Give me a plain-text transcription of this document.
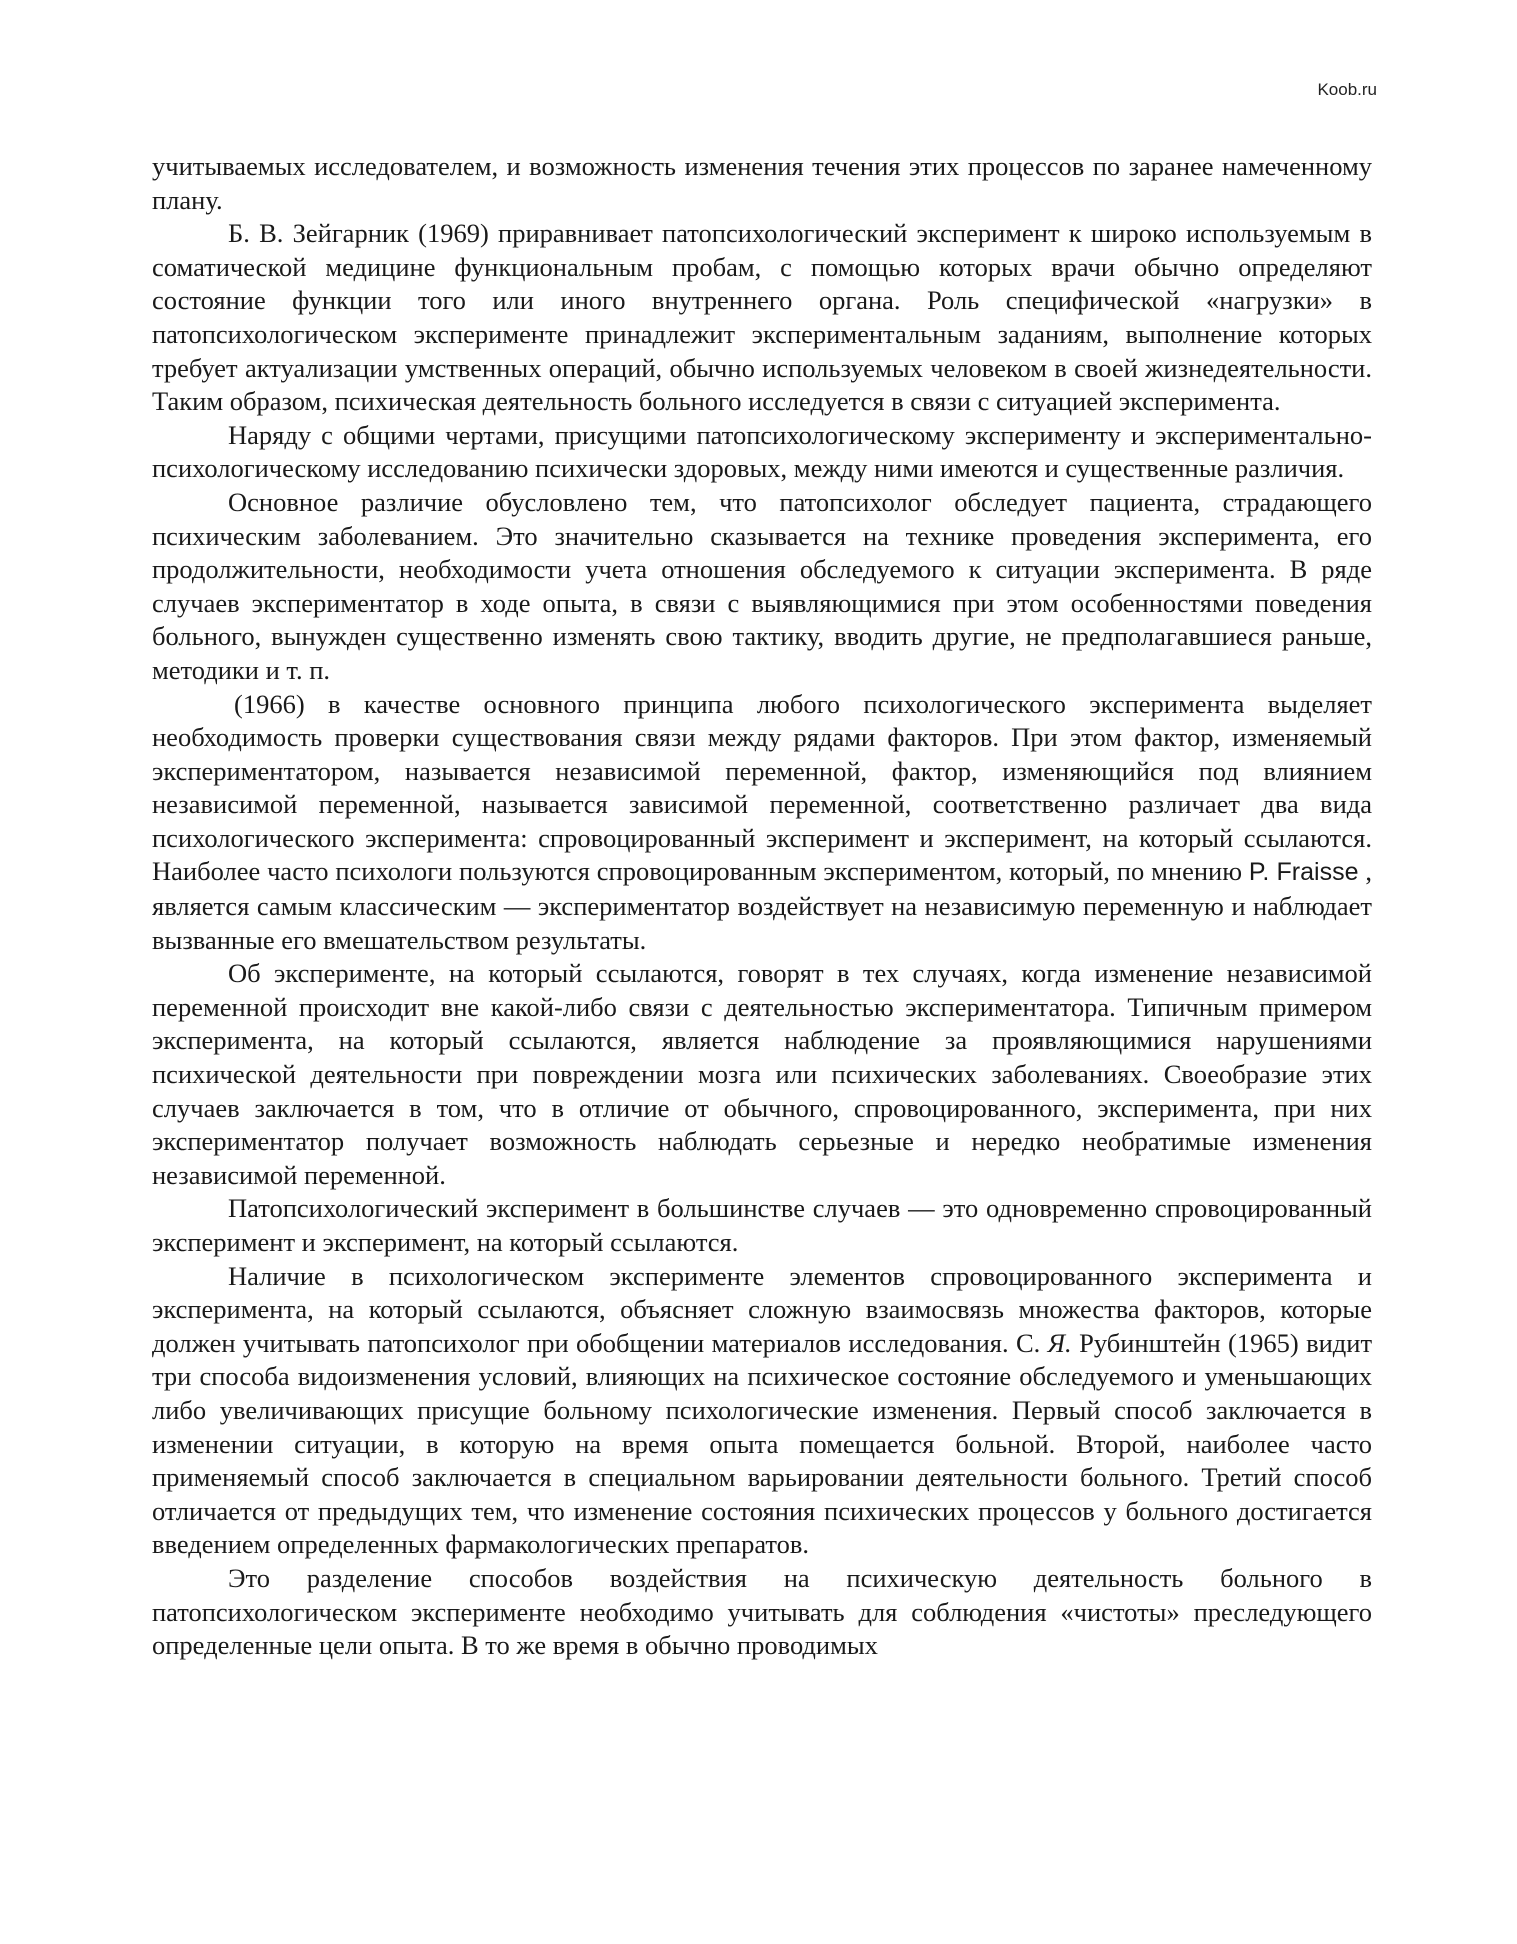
Koob.ru

учитываемых исследователем, и возможность изменения течения этих процессов по заранее намеченному плану.

Б. В. Зейгарник (1969) приравнивает патопсихологический эксперимент к широко используемым в соматической медицине функциональным пробам, с помощью которых врачи обычно определяют состояние функции того или иного внутреннего органа. Роль специфической «нагрузки» в патопсихологическом эксперименте принадлежит экспериментальным заданиям, выполнение которых требует актуализации умственных операций, обычно используемых человеком в своей жизнедеятельности. Таким образом, психическая деятельность больного исследуется в связи с ситуацией эксперимента.

Наряду с общими чертами, присущими патопсихологическому эксперименту и экспериментально-психологическому исследованию психически здоровых, между ними имеются и существенные различия.

Основное различие обусловлено тем, что патопсихолог обследует пациента, страдающего психическим заболеванием. Это значительно сказывается на технике проведения эксперимента, его продолжительности, необходимости учета отношения обследуемого к ситуации эксперимента. В ряде случаев экспериментатор в ходе опыта, в связи с выявляющимися при этом особенностями поведения больного, вынужден существенно изменять свою тактику, вводить другие, не предполагавшиеся раньше, методики и т. п.

(1966) в качестве основного принципа любого психологического эксперимента выделяет необходимость проверки существования связи между рядами факторов. При этом фактор, изменяемый экспериментатором, называется независимой переменной, фактор, изменяющийся под влиянием независимой переменной, называется зависимой переменной, соответственно различает два вида психологического эксперимента: спровоцированный эксперимент и эксперимент, на который ссылаются. Наиболее часто психологи пользуются спровоцированным экспериментом, который, по мнению P. Fraisse , является самым классическим — экспериментатор воздействует на независимую переменную и наблюдает вызванные его вмешательством результаты.

Об эксперименте, на который ссылаются, говорят в тех случаях, когда изменение независимой переменной происходит вне какой-либо связи с деятельностью экспериментатора. Типичным примером эксперимента, на который ссылаются, является наблюдение за проявляющимися нарушениями психической деятельности при повреждении мозга или психических заболеваниях. Своеобразие этих случаев заключается в том, что в отличие от обычного, спровоцированного, эксперимента, при них экспериментатор получает возможность наблюдать серьезные и нередко необратимые изменения независимой переменной.

Патопсихологический эксперимент в большинстве случаев — это одновременно спровоцированный эксперимент и эксперимент, на который ссылаются.

Наличие в психологическом эксперименте элементов спровоцированного эксперимента и эксперимента, на который ссылаются, объясняет сложную взаимосвязь множества факторов, которые должен учитывать патопсихолог при обобщении материалов исследования. С. Я. Рубинштейн (1965) видит три способа видоизменения условий, влияющих на психическое состояние обследуемого и уменьшающих либо увеличивающих присущие больному психологические изменения. Первый способ заключается в изменении ситуации, в которую на время опыта помещается больной. Второй, наиболее часто применяемый способ заключается в специальном варьировании деятельности больного. Третий способ отличается от предыдущих тем, что изменение состояния психических процессов у больного достигается введением определенных фармакологических препаратов.

Это разделение способов воздействия на психическую деятельность больного в патопсихологическом эксперименте необходимо учитывать для соблюдения «чистоты» преследующего определенные цели опыта. В то же время в обычно проводимых
